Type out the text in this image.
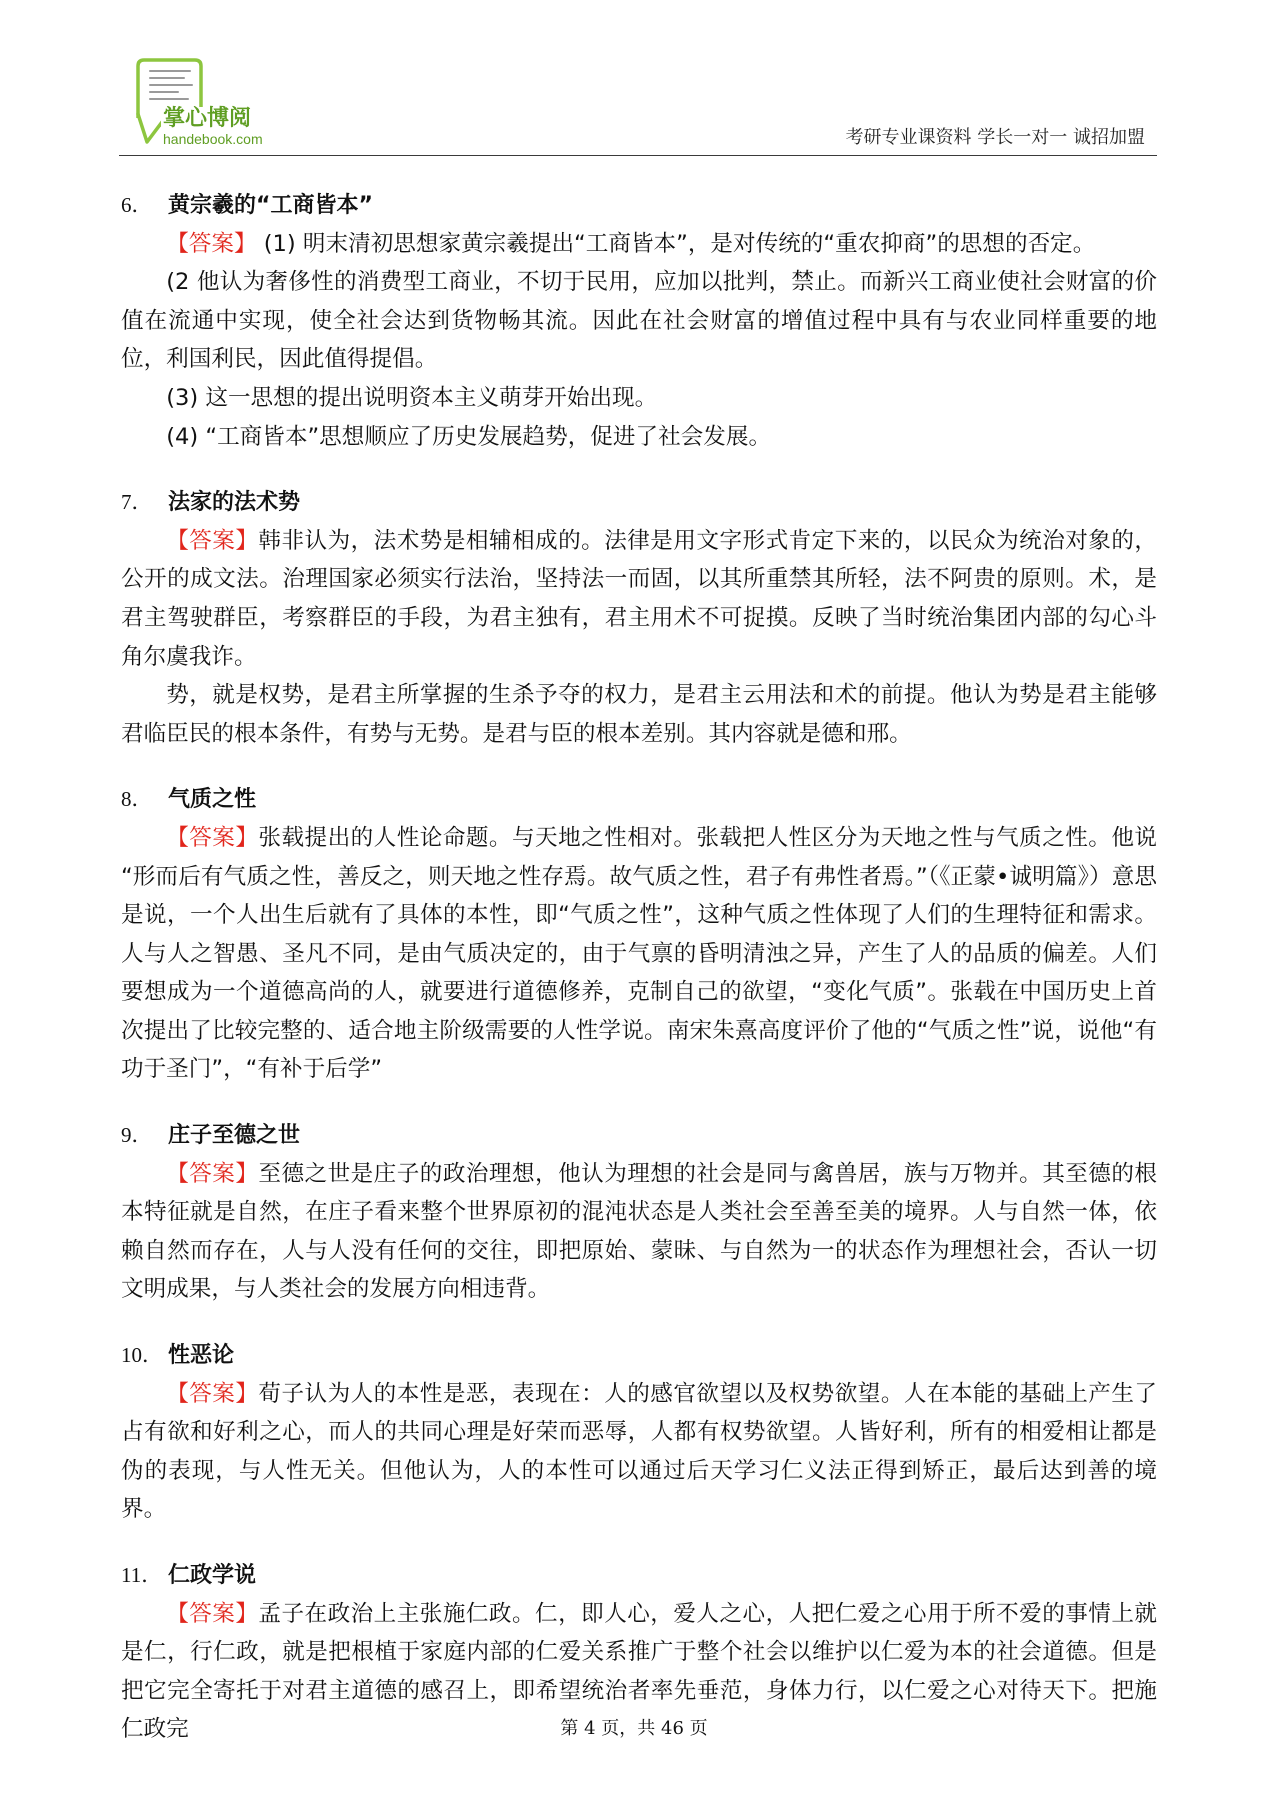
掌心博阅
handebook.com	考研专业课资料 学长一对一 诚招加盟
6． 黄宗羲的“工商皆本”

【答案】 (1) 明末清初思想家黄宗羲提出“工商皆本”，是对传统的“重农抑商”的思想的否定。

(2 他认为奢侈性的消费型工商业，不切于民用，应加以批判，禁止。而新兴工商业使社会财富的价值在流通中实现，使全社会达到货物畅其流。因此在社会财富的增值过程中具有与农业同样重要的地位，利国利民，因此值得提倡。

(3) 这一思想的提出说明资本主义萌芽开始出现。

(4) “工商皆本”思想顺应了历史发展趋势，促进了社会发展。

7． 法家的法术势

【答案】韩非认为，法术势是相辅相成的。法律是用文字形式肯定下来的，以民众为统治对象的，公开的成文法。治理国家必须实行法治，坚持法一而固，以其所重禁其所轻，法不阿贵的原则。术，是君主驾驶群臣，考察群臣的手段，为君主独有，君主用术不可捉摸。反映了当时统治集团内部的勾心斗角尔虞我诈。

势，就是权势，是君主所掌握的生杀予夺的权力，是君主云用法和术的前提。他认为势是君主能够君临臣民的根本条件，有势与无势。是君与臣的根本差别。其内容就是德和邢。

8． 气质之性

【答案】张载提出的人性论命题。与天地之性相对。张载把人性区分为天地之性与气质之性。他说 “形而后有气质之性，善反之，则天地之性存焉。故气质之性，君子有弗性者焉。”（《正蒙•诚明篇》）意思是说，一个人出生后就有了具体的本性，即“气质之性”，这种气质之性体现了人们的生理特征和需求。人与人之智愚、圣凡不同，是由气质决定的，由于气禀的昏明清浊之异，产生了人的品质的偏差。人们要想成为一个道德高尚的人，就要进行道德修养，克制自己的欲望，“变化气质”。张载在中国历史上首次提出了比较完整的、适合地主阶级需要的人性学说。南宋朱熹高度评价了他的“气质之性”说，说他“有功于圣门”，“有补于后学”

9． 庄子至德之世

【答案】至德之世是庄子的政治理想，他认为理想的社会是同与禽兽居，族与万物并。其至德的根本特征就是自然，在庄子看来整个世界原初的混沌状态是人类社会至善至美的境界。人与自然一体，依赖自然而存在，人与人没有任何的交往，即把原始、蒙昧、与自然为一的状态作为理想社会，否认一切文明成果，与人类社会的发展方向相违背。

10． 性恶论

【答案】荀子认为人的本性是恶，表现在：人的感官欲望以及权势欲望。人在本能的基础上产生了占有欲和好利之心，而人的共同心理是好荣而恶辱，人都有权势欲望。人皆好利，所有的相爱相让都是伪的表现，与人性无关。但他认为，人的本性可以通过后天学习仁义法正得到矫正，最后达到善的境界。

11． 仁政学说

【答案】孟子在政治上主张施仁政。仁，即人心，爱人之心，人把仁爱之心用于所不爱的事情上就是仁，行仁政，就是把根植于家庭内部的仁爱关系推广于整个社会以维护以仁爱为本的社会道德。但是把它完全寄托于对君主道德的感召上，即希望统治者率先垂范，身体力行，以仁爱之心对待天下。把施仁政完	第 4 页，共 46 页
